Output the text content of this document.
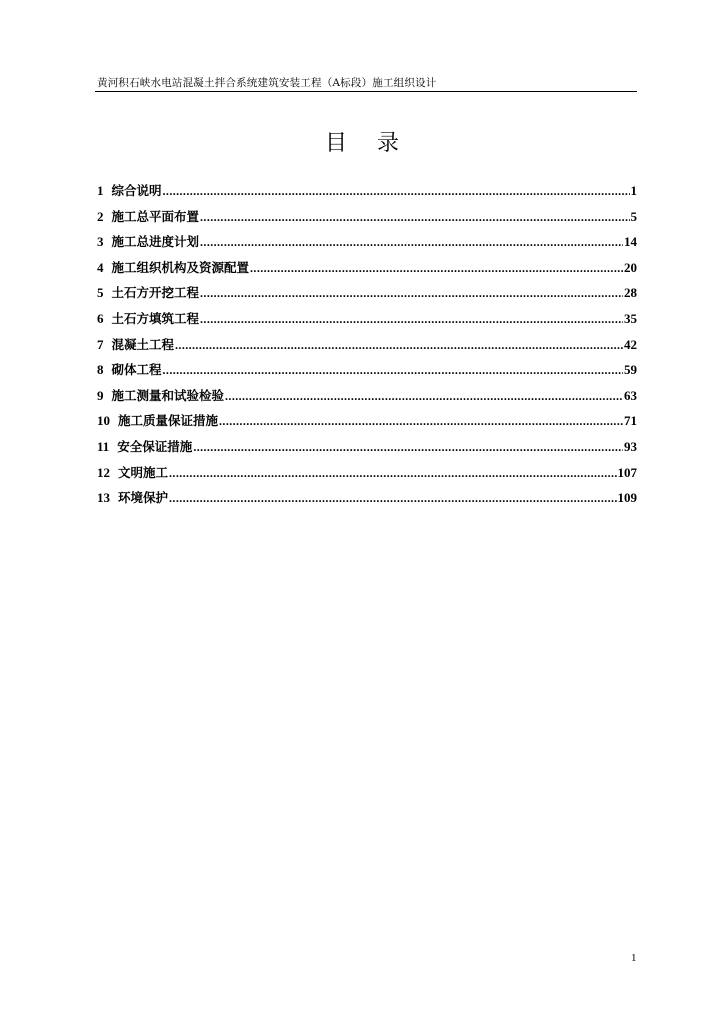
黄河积石峡水电站混凝土拌合系统建筑安装工程（A标段）施工组织设计
目 录
1 综合说明 .....	1
2 施工总平面布置 .....	5
3 施工总进度计划 .....	14
4 施工组织机构及资源配置 .....	20
5 土石方开挖工程 .....	28
6 土石方填筑工程 .....	35
7 混凝土工程 .....	42
8 砌体工程 .....	59
9 施工测量和试验检验 .....	63
10 施工质量保证措施 .....	71
11 安全保证措施 .....	93
12 文明施工 .....	107
13 环境保护 .....	109
1
